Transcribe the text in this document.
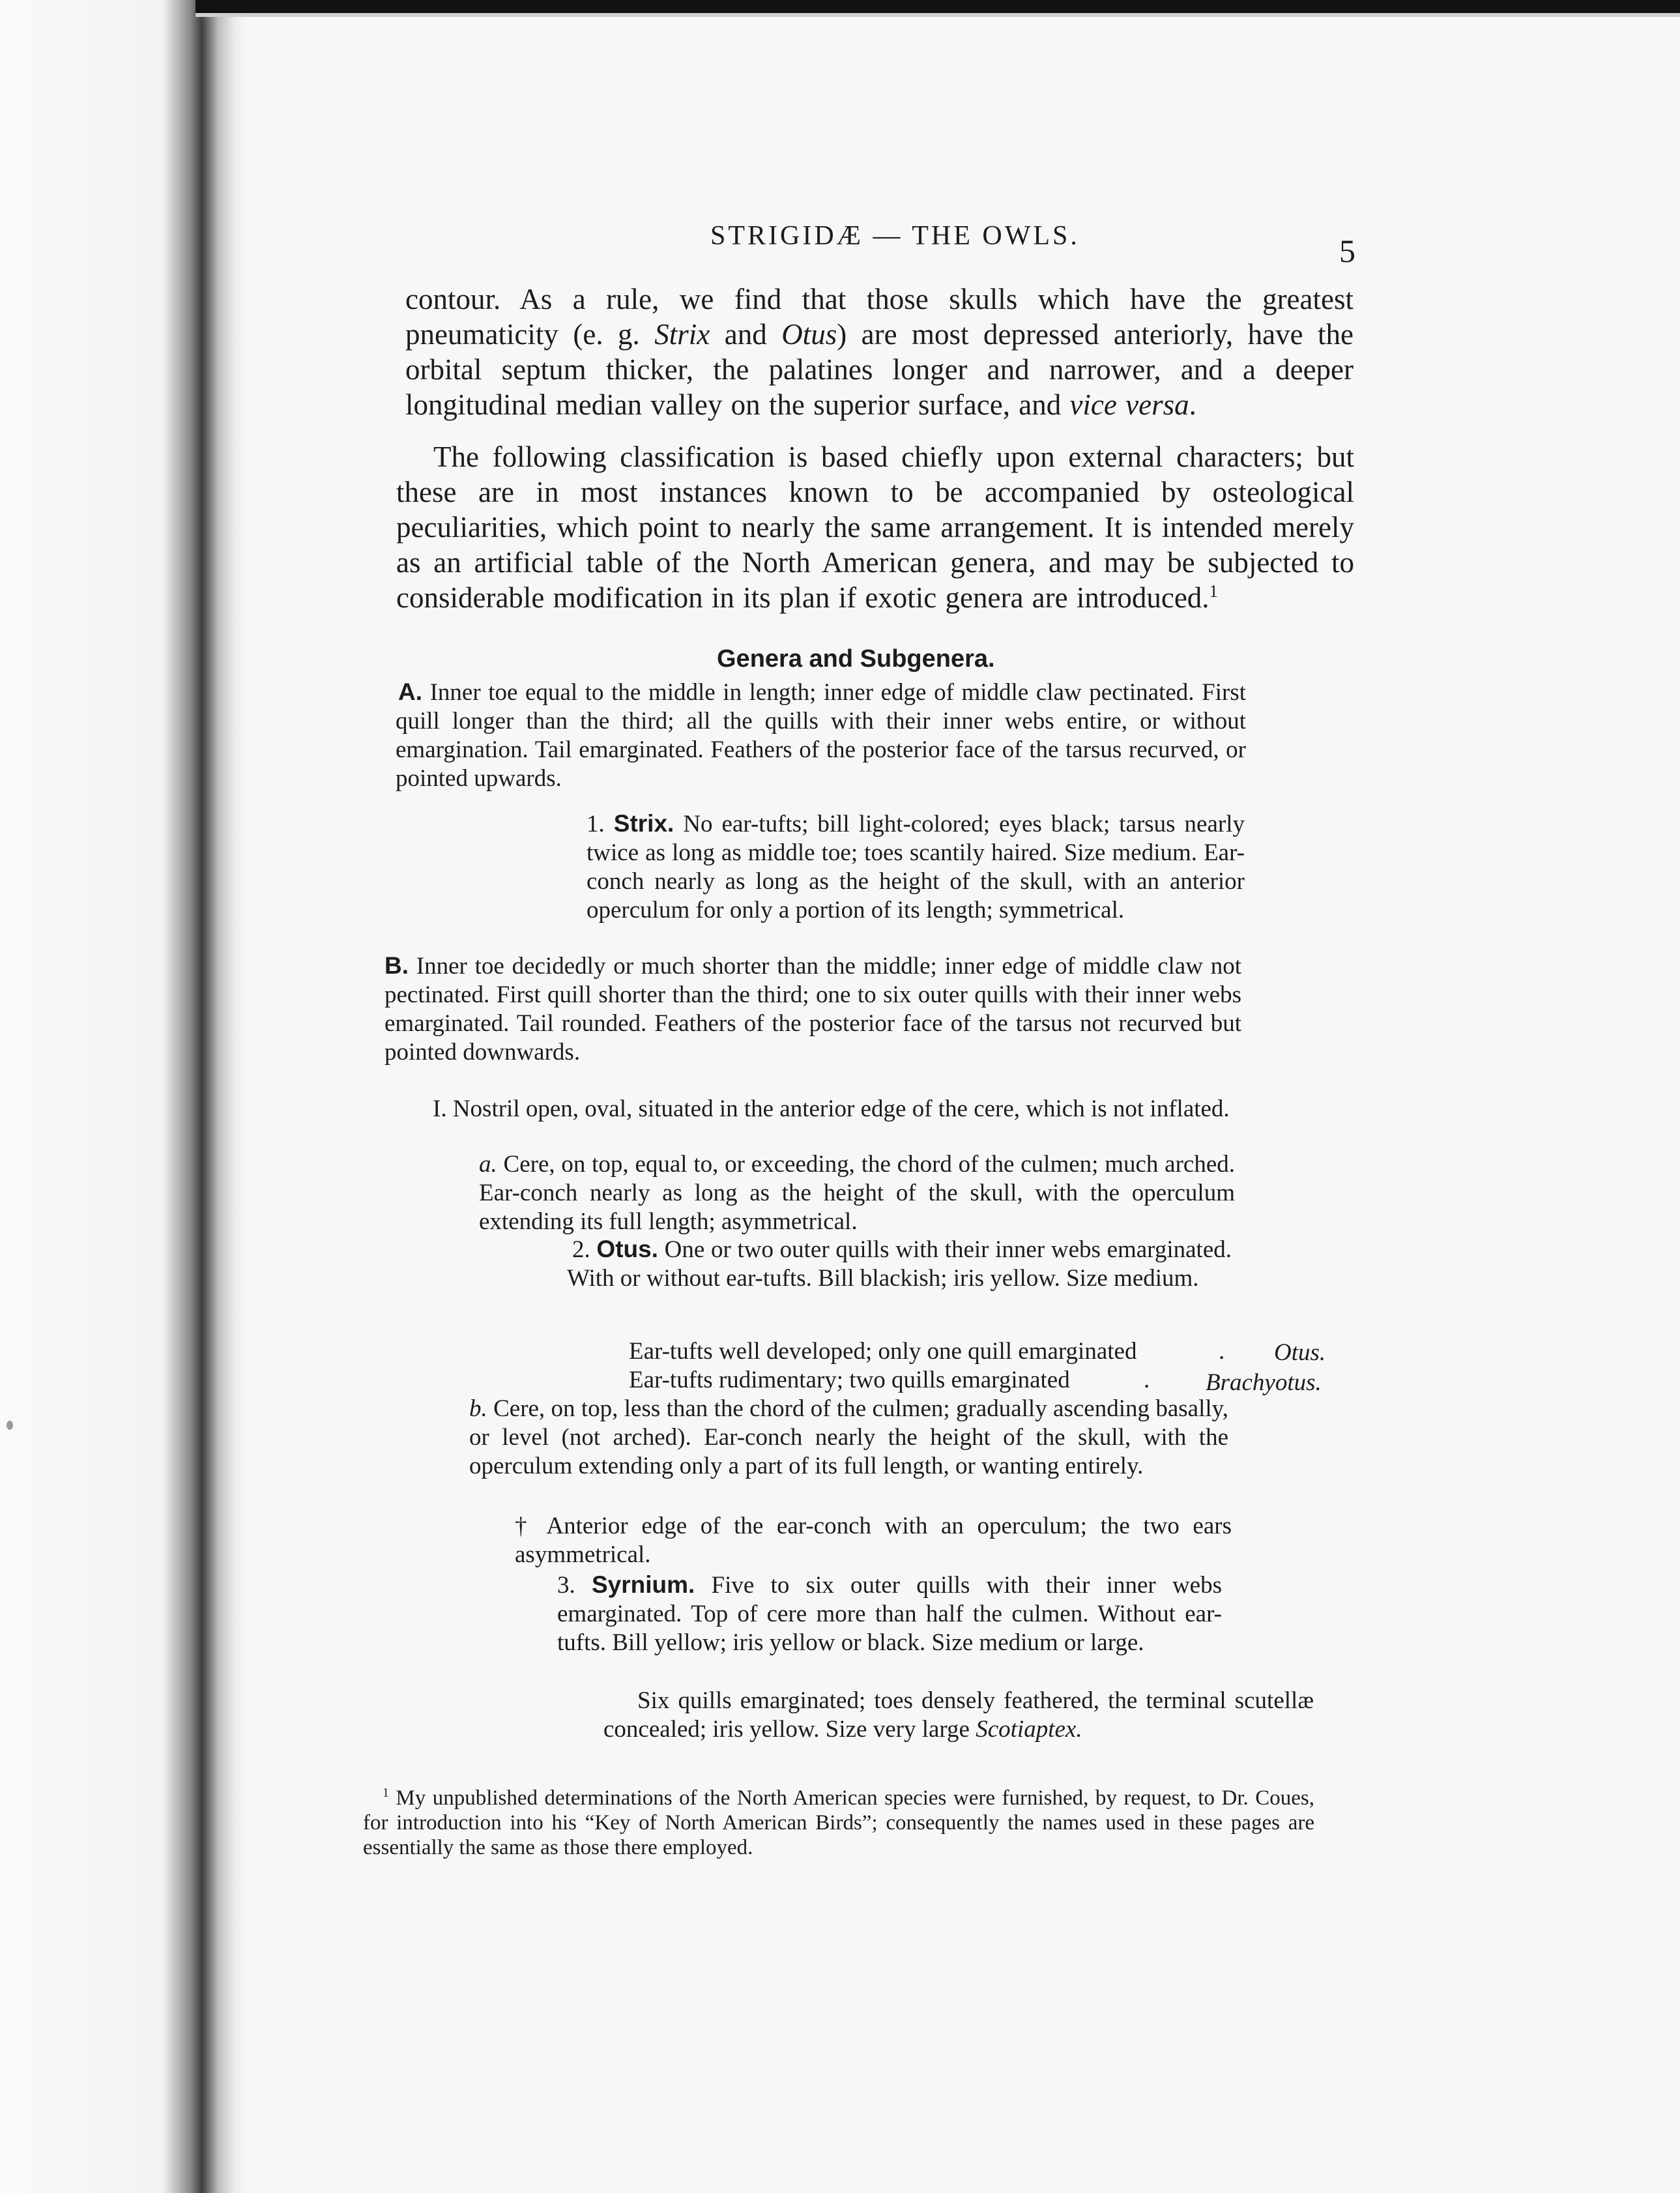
STRIGIDÆ — THE OWLS.	5

contour. As a rule, we find that those skulls which have the greatest pneumaticity (e. g. Strix and Otus) are most depressed anteriorly, have the orbital septum thicker, the palatines longer and narrower, and a deeper longitudinal median valley on the superior surface, and vice versa.

The following classification is based chiefly upon external characters; but these are in most instances known to be accompanied by osteological peculiarities, which point to nearly the same arrangement. It is intended merely as an artificial table of the North American genera, and may be subjected to considerable modification in its plan if exotic genera are introduced.$^1$

Genera and Subgenera.

A. Inner toe equal to the middle in length; inner edge of middle claw pectinated. First quill longer than the third; all the quills with their inner webs entire, or without emargination. Tail emarginated. Feathers of the posterior face of the tarsus recurved, or pointed upwards.

1. Strix. No ear-tufts; bill light-colored; eyes black; tarsus nearly twice as long as middle toe; toes scantily haired. Size medium. Ear-conch nearly as long as the height of the skull, with an anterior operculum for only a portion of its length; symmetrical.

B. Inner toe decidedly or much shorter than the middle; inner edge of middle claw not pectinated. First quill shorter than the third; one to six outer quills with their inner webs emarginated. Tail rounded. Feathers of the posterior face of the tarsus not recurved but pointed downwards.

I. Nostril open, oval, situated in the anterior edge of the cere, which is not inflated.

a. Cere, on top, equal to, or exceeding, the chord of the culmen; much arched. Ear-conch nearly as long as the height of the skull, with the operculum extending its full length; asymmetrical.

2. Otus. One or two outer quills with their inner webs emarginated. With or without ear-tufts. Bill blackish; iris yellow. Size medium.

Ear-tufts well developed; only one quill emarginated	. Otus.
Ear-tufts rudimentary; two quills emarginated	. Brachyotus.

b. Cere, on top, less than the chord of the culmen; gradually ascending basally, or level (not arched). Ear-conch nearly the height of the skull, with the operculum extending only a part of its full length, or wanting entirely.

† Anterior edge of the ear-conch with an operculum; the two ears asymmetrical.

3. Syrnium. Five to six outer quills with their inner webs emarginated. Top of cere more than half the culmen. Without ear-tufts. Bill yellow; iris yellow or black. Size medium or large.

Six quills emarginated; toes densely feathered, the terminal scutellæ concealed; iris yellow. Size very large Scotiaptex.

$^1$ My unpublished determinations of the North American species were furnished, by request, to Dr. Coues, for introduction into his “Key of North American Birds”; consequently the names used in these pages are essentially the same as those there employed.
